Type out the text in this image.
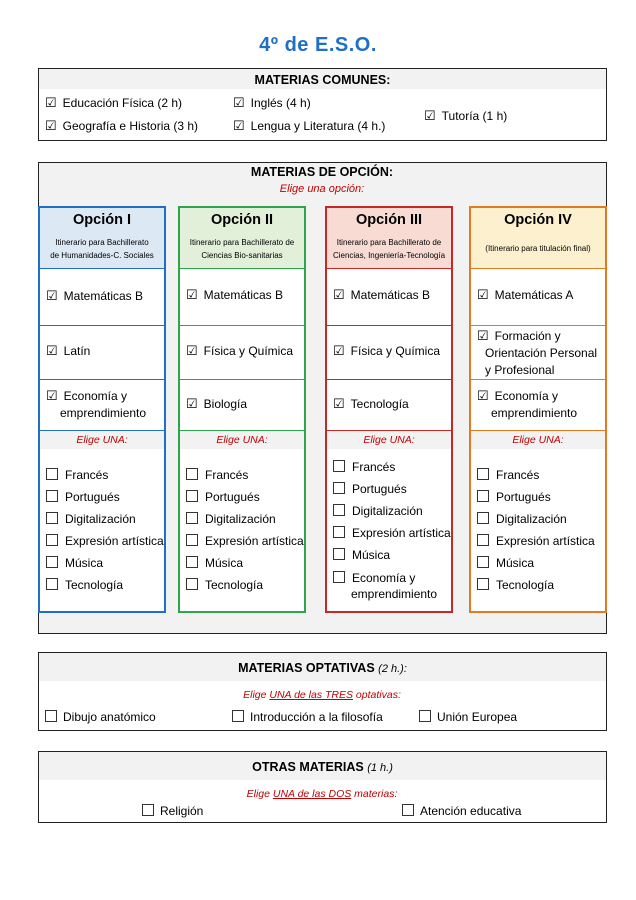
4º de E.S.O.
MATERIAS COMUNES:
☑ Educación Física (2 h)
☑ Geografía e Historia (3 h)
☑ Inglés (4 h)
☑ Lengua y Literatura (4 h.)
☑ Tutoría (1 h)
MATERIAS DE OPCIÓN:
Elige una opción:
Opción I
Itinerario para Bachillerato
de Humanidades-C. Sociales
☑ Matemáticas B
☑ Latín
☑ Economía y
emprendimiento
Elige UNA:
Francés
Portugués
Digitalización
Expresión artística
Música
Tecnología
Opción II
Itinerario para Bachillerato de
Ciencias Bio-sanitarias
☑ Matemáticas B
☑ Física y Química
☑ Biología
Elige UNA:
Francés
Portugués
Digitalización
Expresión artística
Música
Tecnología
Opción III
Itinerario para Bachillerato de
Ciencias, Ingeniería-Tecnología
☑ Matemáticas B
☑ Física y Química
☑ Tecnología
Elige UNA:
Francés
Portugués
Digitalización
Expresión artística
Música
Economía y
emprendimiento
Opción IV
(Itinerario para titulación final)
☑ Matemáticas A
☑ Formación y
Orientación Personal
y Profesional
☑ Economía y
emprendimiento
Elige UNA:
Francés
Portugués
Digitalización
Expresión artística
Música
Tecnología
MATERIAS OPTATIVAS (2 h.):
Elige UNA de las TRES optativas:
Dibujo anatómico	Introducción a la filosofía	Unión Europea
OTRAS MATERIAS (1 h.)
Elige UNA de las DOS materias:
Religión	Atención educativa
